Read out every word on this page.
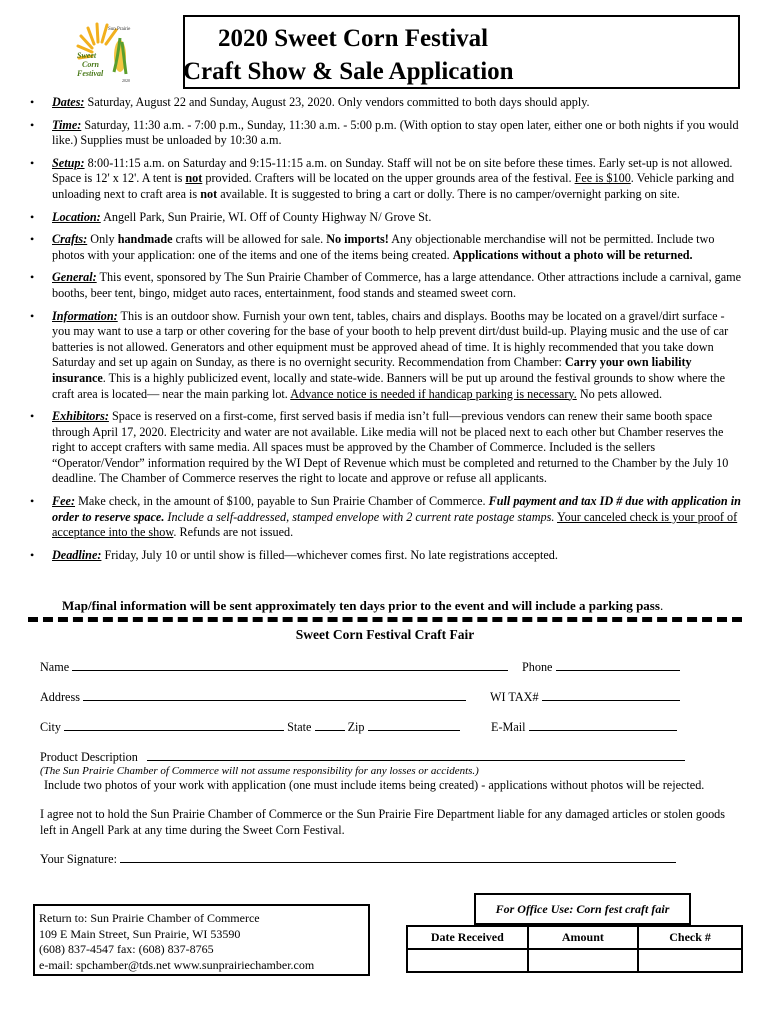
Sun Prairie
Sweet
Corn
Festival
2020
2020 Sweet Corn Festival
Craft Show & Sale Application
• Dates: Saturday, August 22 and Sunday, August 23, 2020. Only vendors committed to both days should apply.
• Time: Saturday, 11:30 a.m. - 7:00 p.m., Sunday, 11:30 a.m. - 5:00 p.m. (With option to stay open later, either one or both nights if you would like.) Supplies must be unloaded by 10:30 a.m.
• Setup: 8:00-11:15 a.m. on Saturday and 9:15-11:15 a.m. on Sunday. Staff will not be on site before these times. Early set-up is not allowed. Space is 12' x 12'. A tent is not provided. Crafters will be located on the upper grounds area of the festival. Fee is $100. Vehicle parking and unloading next to craft area is not available. It is suggested to bring a cart or dolly. There is no camper/overnight parking on site.
• Location: Angell Park, Sun Prairie, WI. Off of County Highway N/ Grove St.
• Crafts: Only handmade crafts will be allowed for sale. No imports! Any objectionable merchandise will not be permitted. Include two photos with your application: one of the items and one of the items being created. Applications without a photo will be returned.
• General: This event, sponsored by The Sun Prairie Chamber of Commerce, has a large attendance. Other attractions include a carnival, game booths, beer tent, bingo, midget auto races, entertainment, food stands and steamed sweet corn.
• Information: This is an outdoor show. Furnish your own tent, tables, chairs and displays. Booths may be located on a gravel/dirt surface - you may want to use a tarp or other covering for the base of your booth to help prevent dirt/dust build-up. Playing music and the use of car batteries is not allowed. Generators and other equipment must be approved ahead of time. It is highly recommended that you take down Saturday and set up again on Sunday, as there is no overnight security. Recommendation from Chamber: Carry your own liability insurance. This is a highly publicized event, locally and state-wide. Banners will be put up around the festival grounds to show where the craft area is located— near the main parking lot. Advance notice is needed if handicap parking is necessary. No pets allowed.
• Exhibitors: Space is reserved on a first-come, first served basis if media isn’t full—previous vendors can renew their same booth space through April 17, 2020. Electricity and water are not available. Like media will not be placed next to each other but Chamber reserves the right to accept crafters with same media. All spaces must be approved by the Chamber of Commerce. Included is the sellers “Operator/Vendor” information required by the WI Dept of Revenue which must be completed and returned to the Chamber by the July 10 deadline. The Chamber of Commerce reserves the right to locate and approve or refuse all applicants.
• Fee: Make check, in the amount of $100, payable to Sun Prairie Chamber of Commerce. Full payment and tax ID # due with application in order to reserve space. Include a self-addressed, stamped envelope with 2 current rate postage stamps. Your canceled check is your proof of acceptance into the show. Refunds are not issued.
• Deadline: Friday, July 10 or until show is filled—whichever comes first. No late registrations accepted.
Map/final information will be sent approximately ten days prior to the event and will include a parking pass.
Sweet Corn Festival Craft Fair
Name	Phone
Address	WI TAX#
City	State	Zip	E-Mail
Product Description
(The Sun Prairie Chamber of Commerce will not assume responsibility for any losses or accidents.)
Include two photos of your work with application (one must include items being created) - applications without photos will be rejected.
I agree not to hold the Sun Prairie Chamber of Commerce or the Sun Prairie Fire Department liable for any damaged articles or stolen goods left in Angell Park at any time during the Sweet Corn Festival.
Your Signature:
Return to: Sun Prairie Chamber of Commerce
109 E Main Street, Sun Prairie, WI 53590
(608) 837-4547 fax: (608) 837-8765
e-mail: spchamber@tds.net www.sunprairiechamber.com
For Office Use: Corn fest craft fair
Date Received	Amount	Check #
